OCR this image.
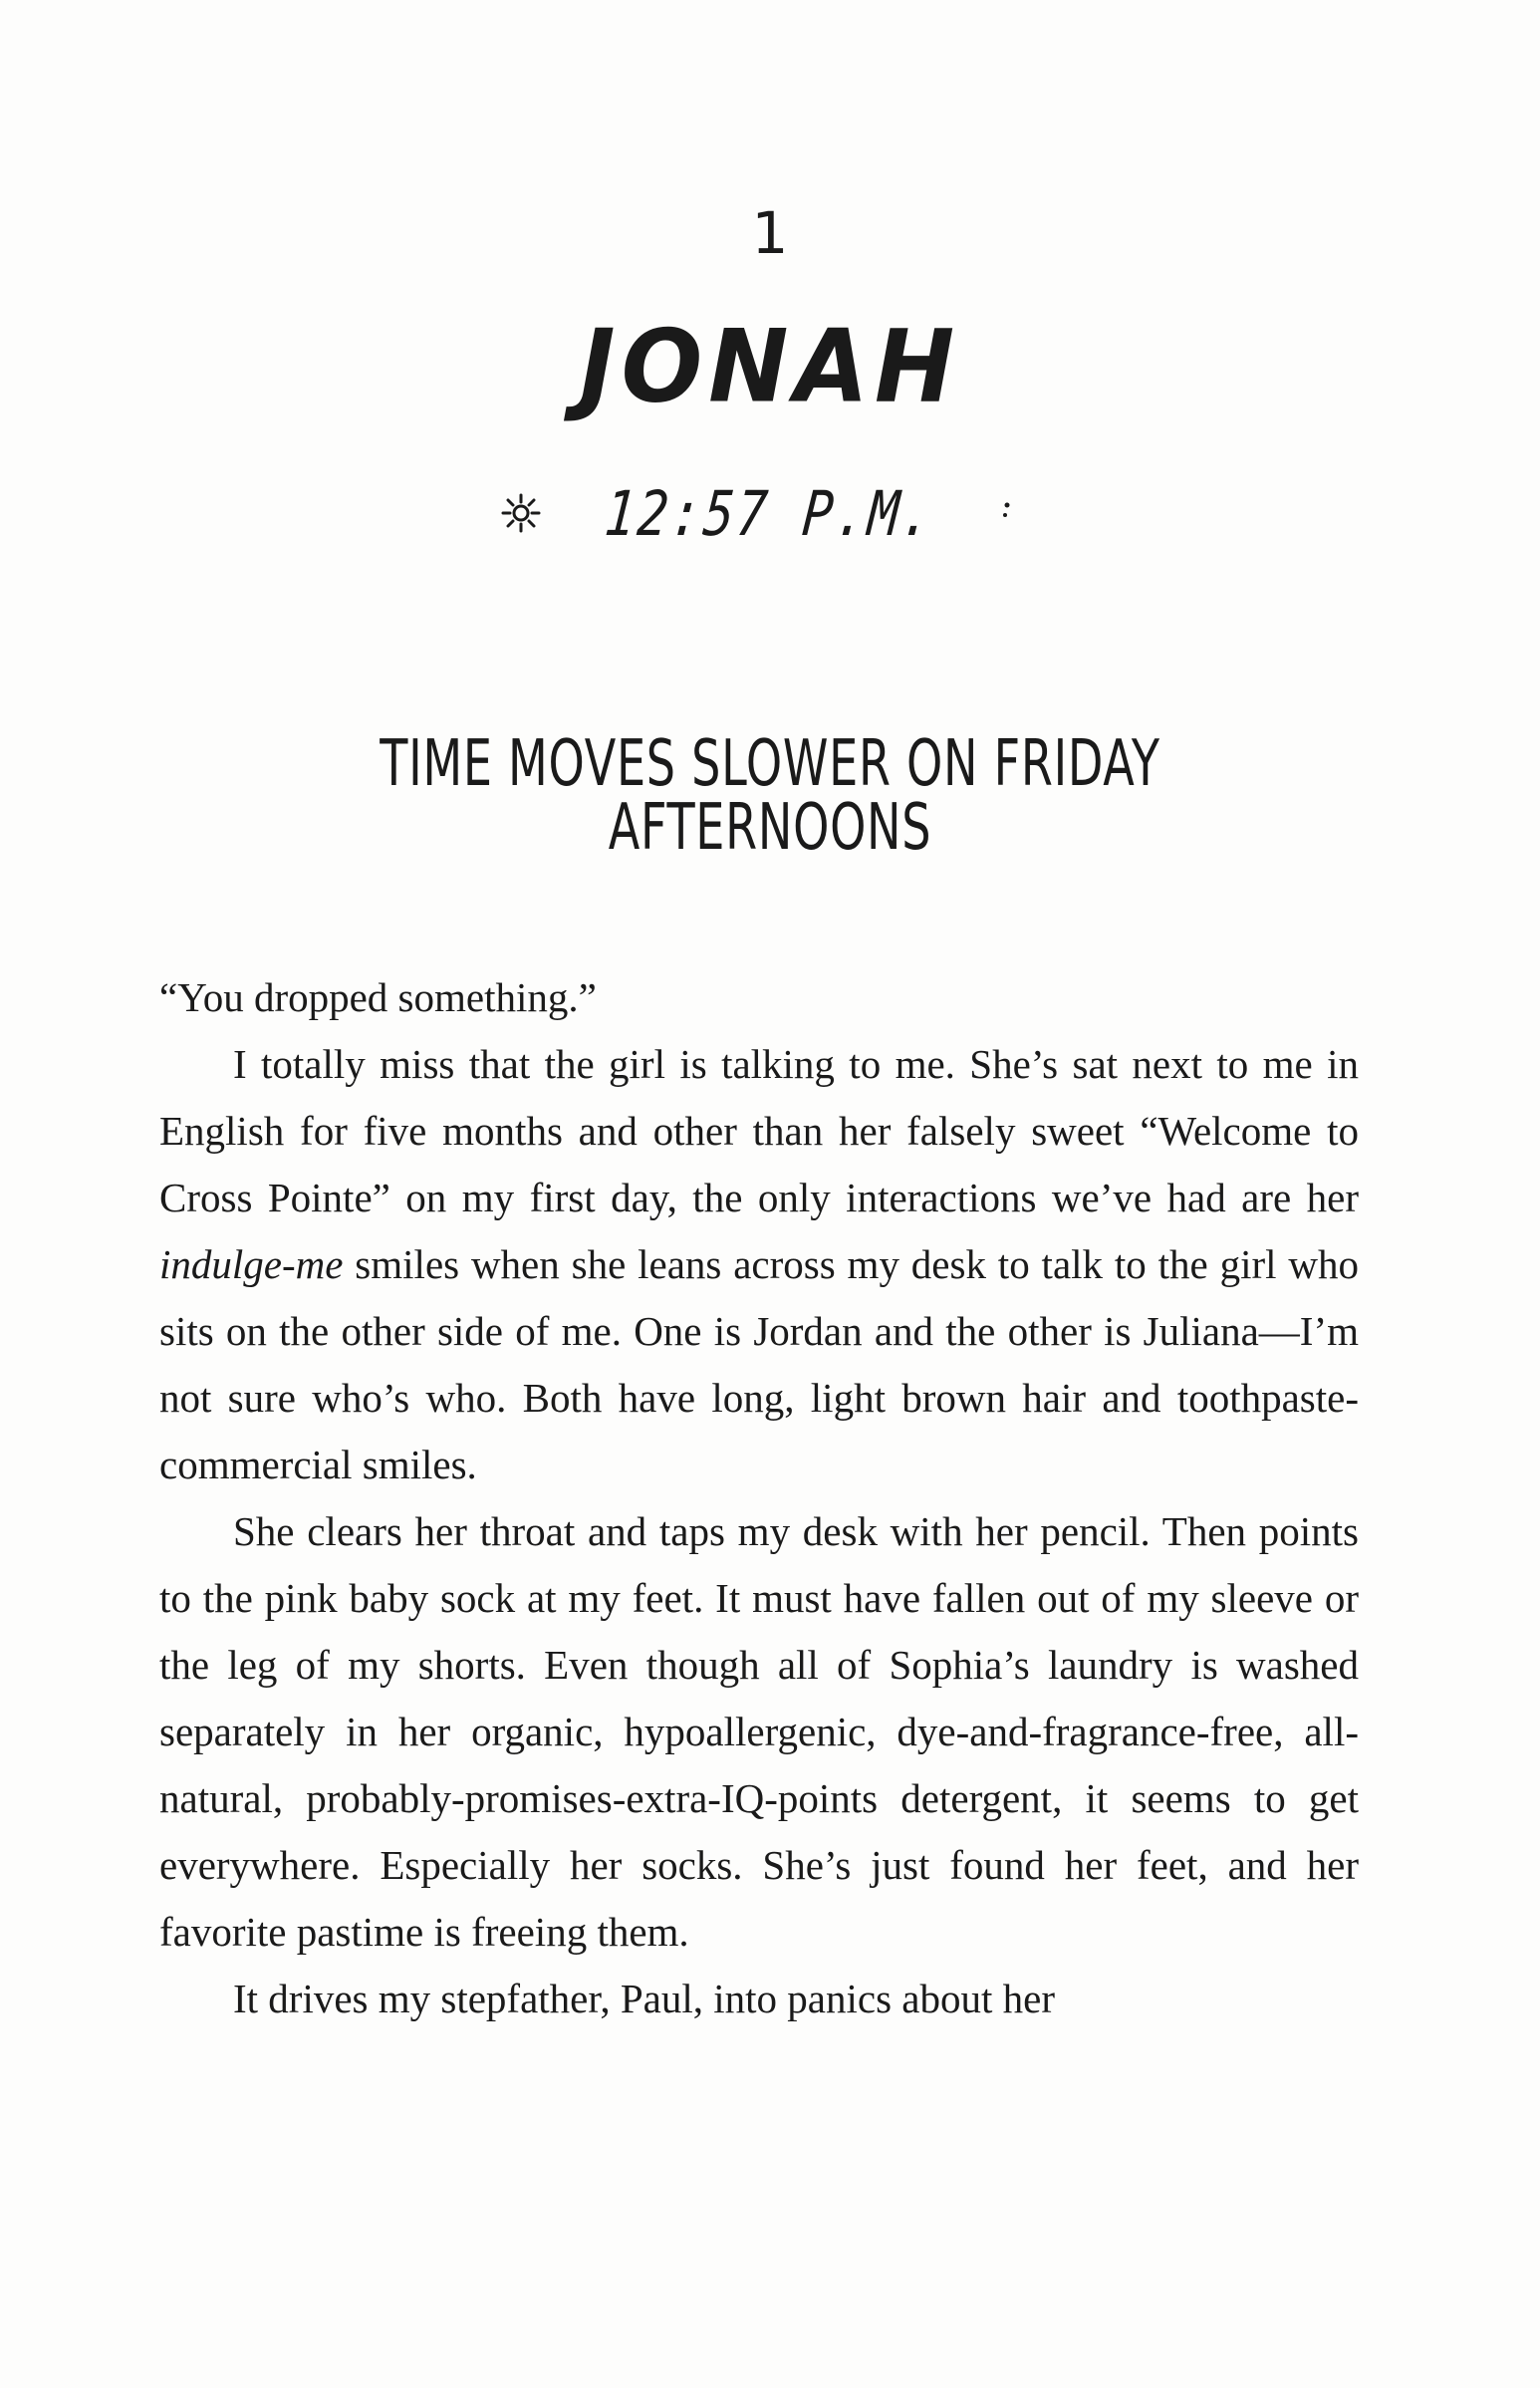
1
JONAH
12:57 P.M.
TIME MOVES SLOWER ON FRIDAY AFTERNOONS

“You dropped something.”

I totally miss that the girl is talking to me. She’s sat next to me in English for five months and other than her falsely sweet “Welcome to Cross Pointe” on my first day, the only interactions we’ve had are her indulge-me smiles when she leans across my desk to talk to the girl who sits on the other side of me. One is Jordan and the other is Juliana—I’m not sure who’s who. Both have long, light brown hair and toothpaste-commercial smiles.

She clears her throat and taps my desk with her pencil. Then points to the pink baby sock at my feet. It must have fallen out of my sleeve or the leg of my shorts. Even though all of Sophia’s laundry is washed separately in her organic, hypoallergenic, dye-and-fragrance-free, all-natural, probably-promises-extra-IQ-points detergent, it seems to get everywhere. Especially her socks. She’s just found her feet, and her favorite pastime is freeing them.

It drives my stepfather, Paul, into panics about her
